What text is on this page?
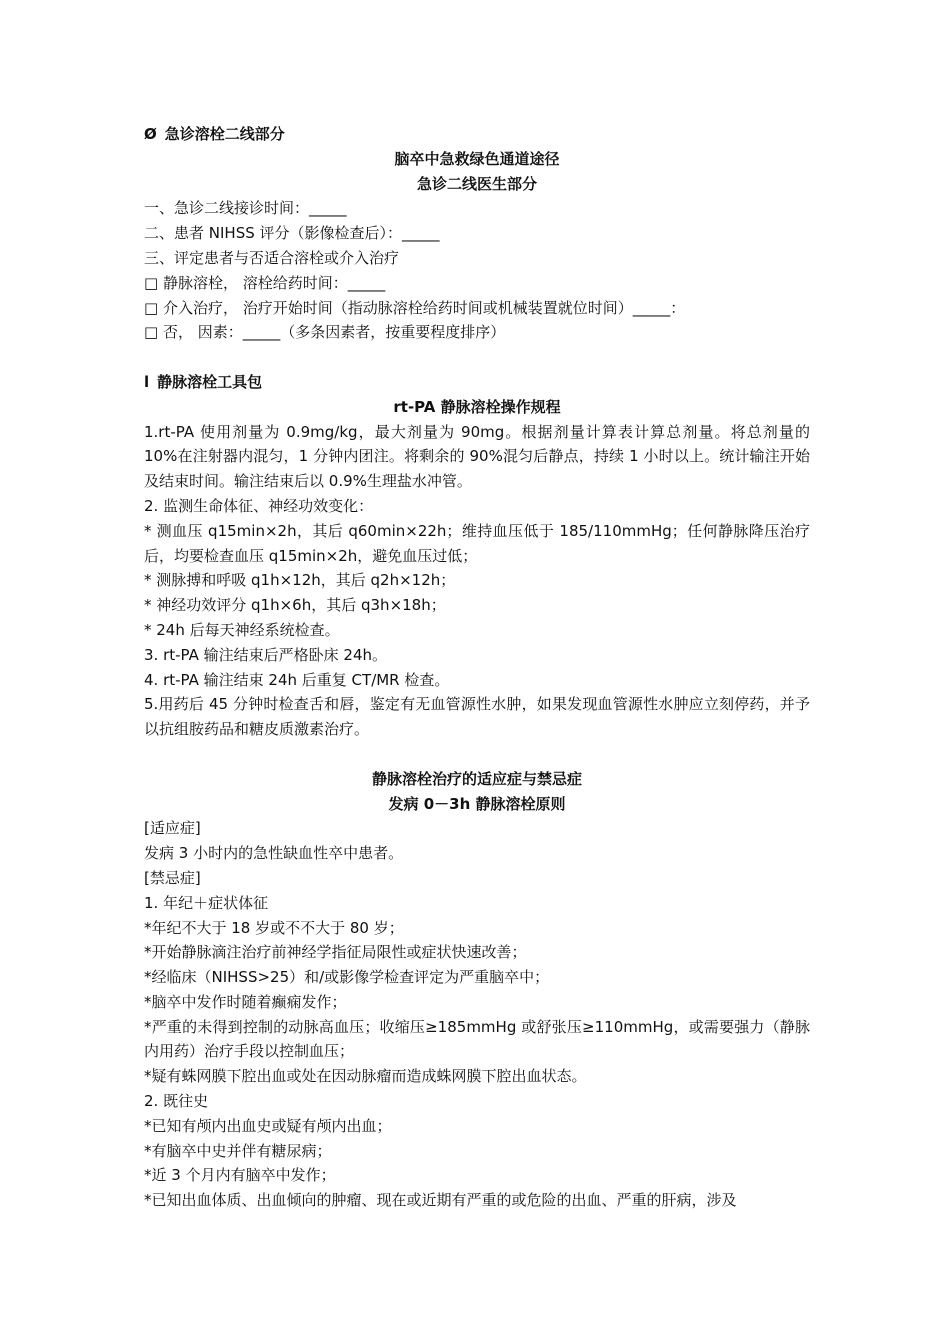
Ø 急诊溶栓二线部分
脑卒中急救绿色通道途径
急诊二线医生部分
一、急诊二线接诊时间：_____
二、患者 NIHSS 评分（影像检查后）：_____
三、评定患者与否适合溶栓或介入治疗
□ 静脉溶栓， 溶栓给药时间：_____
□ 介入治疗， 治疗开始时间（指动脉溶栓给药时间或机械装置就位时间）_____：
□ 否， 因素：_____（多条因素者，按重要程度排序）
l 静脉溶栓工具包
rt-PA 静脉溶栓操作规程
1.rt-PA 使用剂量为 0.9mg/kg，最大剂量为 90mg。根据剂量计算表计算总剂量。将总剂量的 10%在注射器内混匀，1 分钟内团注。将剩余的 90%混匀后静点，持续 1 小时以上。统计输注开始及结束时间。输注结束后以 0.9%生理盐水冲管。
2. 监测生命体征、神经功效变化：
* 测血压 q15min×2h，其后 q60min×22h；维持血压低于 185/110mmHg；任何静脉降压治疗后，均要检查血压 q15min×2h，避免血压过低；
* 测脉搏和呼吸 q1h×12h，其后 q2h×12h；
* 神经功效评分 q1h×6h，其后 q3h×18h；
* 24h 后每天神经系统检查。
3. rt-PA 输注结束后严格卧床 24h。
4. rt-PA 输注结束 24h 后重复 CT/MR 检查。
5.用药后 45 分钟时检查舌和唇，鉴定有无血管源性水肿，如果发现血管源性水肿应立刻停药，并予以抗组胺药品和糖皮质激素治疗。
静脉溶栓治疗的适应症与禁忌症
发病 0－3h 静脉溶栓原则
[适应症]
发病 3 小时内的急性缺血性卒中患者。
[禁忌症]
1. 年纪＋症状体征
*年纪不大于 18 岁或不不大于 80 岁；
*开始静脉滴注治疗前神经学指征局限性或症状快速改善；
*经临床（NIHSS>25）和/或影像学检查评定为严重脑卒中；
*脑卒中发作时随着癫痫发作；
*严重的未得到控制的动脉高血压；收缩压≥185mmHg 或舒张压≥110mmHg，或需要强力（静脉内用药）治疗手段以控制血压；
*疑有蛛网膜下腔出血或处在因动脉瘤而造成蛛网膜下腔出血状态。
2. 既往史
*已知有颅内出血史或疑有颅内出血；
*有脑卒中史并伴有糖尿病；
*近 3 个月内有脑卒中发作；
*已知出血体质、出血倾向的肿瘤、现在或近期有严重的或危险的出血、严重的肝病，涉及
